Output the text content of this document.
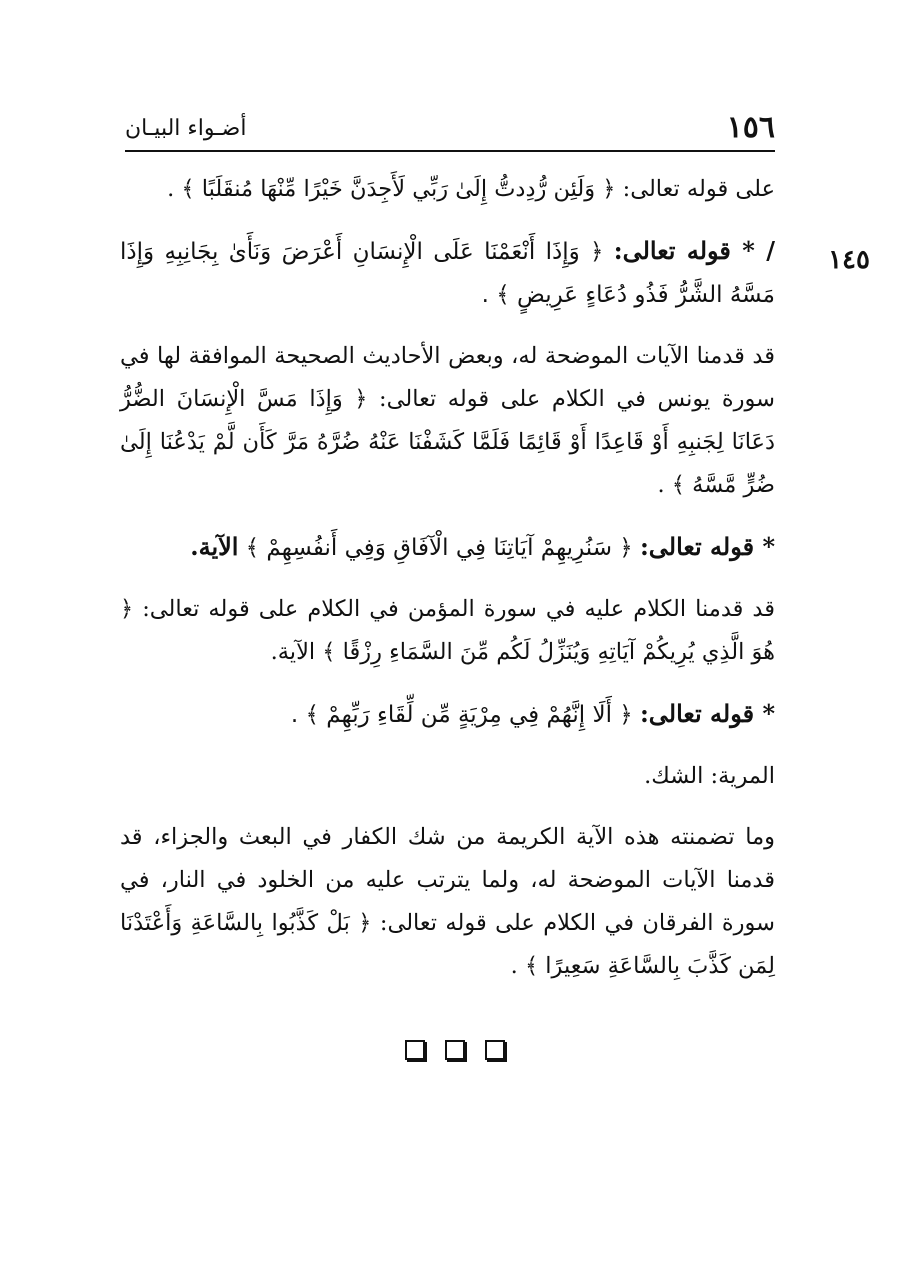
١٥٦
أضـواء البيـان
١٤٥

على قوله تعالى: ﴿ وَلَئِن رُّدِدتُّ إِلَىٰ رَبِّي لَأَجِدَنَّ خَيْرًا مِّنْهَا مُنقَلَبًا ﴾ .

/ * قوله تعالى: ﴿ وَإِذَا أَنْعَمْنَا عَلَى الْإِنسَانِ أَعْرَضَ وَنَأَىٰ بِجَانِبِهِ وَإِذَا مَسَّهُ الشَّرُّ فَذُو دُعَاءٍ عَرِيضٍ ﴾ .

قد قدمنا الآيات الموضحة له، وبعض الأحاديث الصحيحة الموافقة لها في سورة يونس في الكلام على قوله تعالى: ﴿ وَإِذَا مَسَّ الْإِنسَانَ الضُّرُّ دَعَانَا لِجَنبِهِ أَوْ قَاعِدًا أَوْ قَائِمًا فَلَمَّا كَشَفْنَا عَنْهُ ضُرَّهُ مَرَّ كَأَن لَّمْ يَدْعُنَا إِلَىٰ ضُرٍّ مَّسَّهُ ﴾ .

* قوله تعالى: ﴿ سَنُرِيهِمْ آيَاتِنَا فِي الْآفَاقِ وَفِي أَنفُسِهِمْ ﴾ الآية.

قد قدمنا الكلام عليه في سورة المؤمن في الكلام على قوله تعالى: ﴿ هُوَ الَّذِي يُرِيكُمْ آيَاتِهِ وَيُنَزِّلُ لَكُم مِّنَ السَّمَاءِ رِزْقًا ﴾ الآية.

* قوله تعالى: ﴿ أَلَا إِنَّهُمْ فِي مِرْيَةٍ مِّن لِّقَاءِ رَبِّهِمْ ﴾ .

المرية: الشك.

وما تضمنته هذه الآية الكريمة من شك الكفار في البعث والجزاء، قد قدمنا الآيات الموضحة له، ولما يترتب عليه من الخلود في النار، في سورة الفرقان في الكلام على قوله تعالى: ﴿ بَلْ كَذَّبُوا بِالسَّاعَةِ وَأَعْتَدْنَا لِمَن كَذَّبَ بِالسَّاعَةِ سَعِيرًا ﴾ .
